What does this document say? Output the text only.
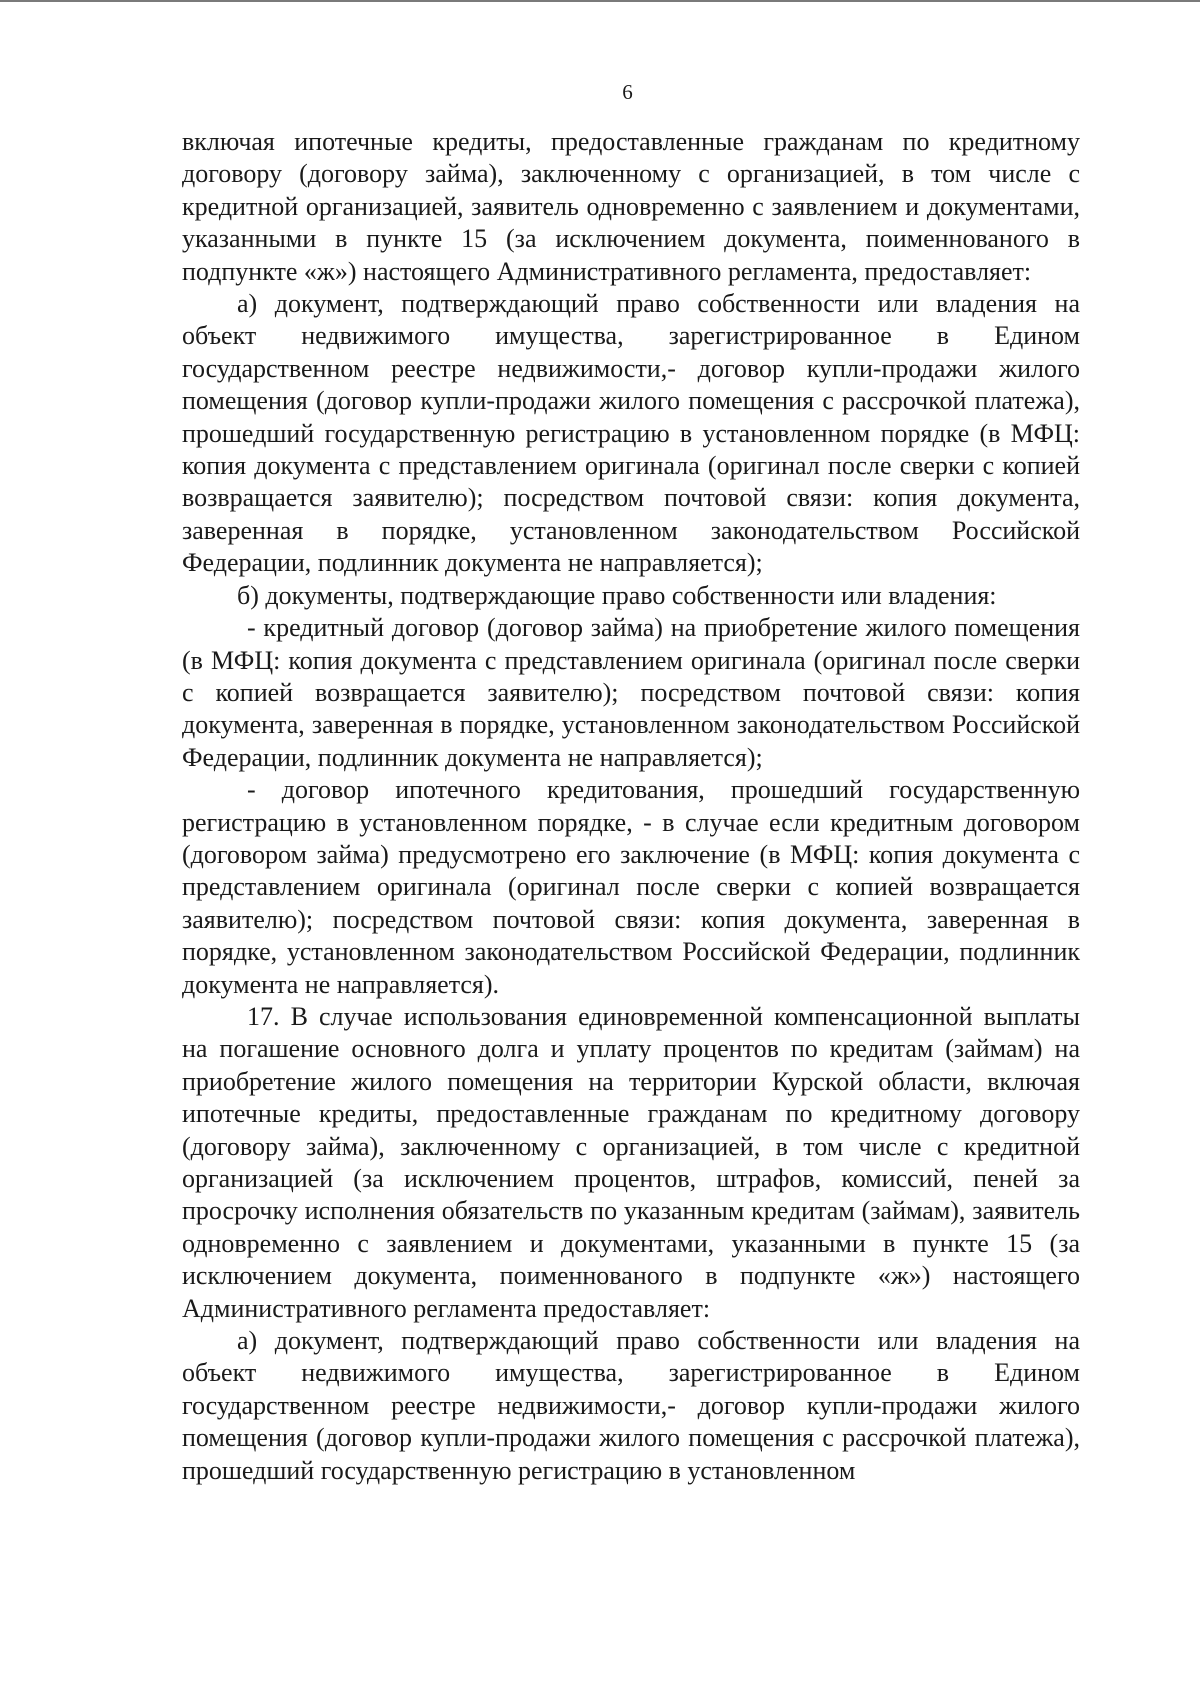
6

включая ипотечные кредиты, предоставленные гражданам по кредитному договору (договору займа), заключенному с организацией, в том числе с кредитной организацией, заявитель одновременно с заявлением и документами, указанными в пункте 15 (за исключением документа, поименнованого в подпункте «ж») настоящего Административного регламента, предоставляет:

а) документ, подтверждающий право собственности или владения на объект недвижимого имущества, зарегистрированное в Едином государственном реестре недвижимости,- договор купли-продажи жилого помещения (договор купли-продажи жилого помещения с рассрочкой платежа), прошедший государственную регистрацию в установленном порядке (в МФЦ: копия документа с представлением оригинала (оригинал после сверки с копией возвращается заявителю); посредством почтовой связи: копия документа, заверенная в порядке, установленном законодательством Российской Федерации, подлинник документа не направляется);

б) документы, подтверждающие право собственности или владения:

- кредитный договор (договор займа) на приобретение жилого помещения (в МФЦ: копия документа с представлением оригинала (оригинал после сверки с копией возвращается заявителю); посредством почтовой связи: копия документа, заверенная в порядке, установленном законодательством Российской Федерации, подлинник документа не направляется);

- договор ипотечного кредитования, прошедший государственную регистрацию в установленном порядке, - в случае если кредитным договором (договором займа) предусмотрено его заключение (в МФЦ: копия документа с представлением оригинала (оригинал после сверки с копией возвращается заявителю); посредством почтовой связи: копия документа, заверенная в порядке, установленном законодательством Российской Федерации, подлинник документа не направляется).

17. В случае использования единовременной компенсационной выплаты на погашение основного долга и уплату процентов по кредитам (займам) на приобретение жилого помещения на территории Курской области, включая ипотечные кредиты, предоставленные гражданам по кредитному договору (договору займа), заключенному с организацией, в том числе с кредитной организацией (за исключением процентов, штрафов, комиссий, пеней за просрочку исполнения обязательств по указанным кредитам (займам), заявитель одновременно с заявлением и документами, указанными в пункте 15 (за исключением документа, поименнованого в подпункте «ж») настоящего Административного регламента предоставляет:

а) документ, подтверждающий право собственности или владения на объект недвижимого имущества, зарегистрированное в Едином государственном реестре недвижимости,- договор купли-продажи жилого помещения (договор купли-продажи жилого помещения с рассрочкой платежа), прошедший государственную регистрацию в установленном
